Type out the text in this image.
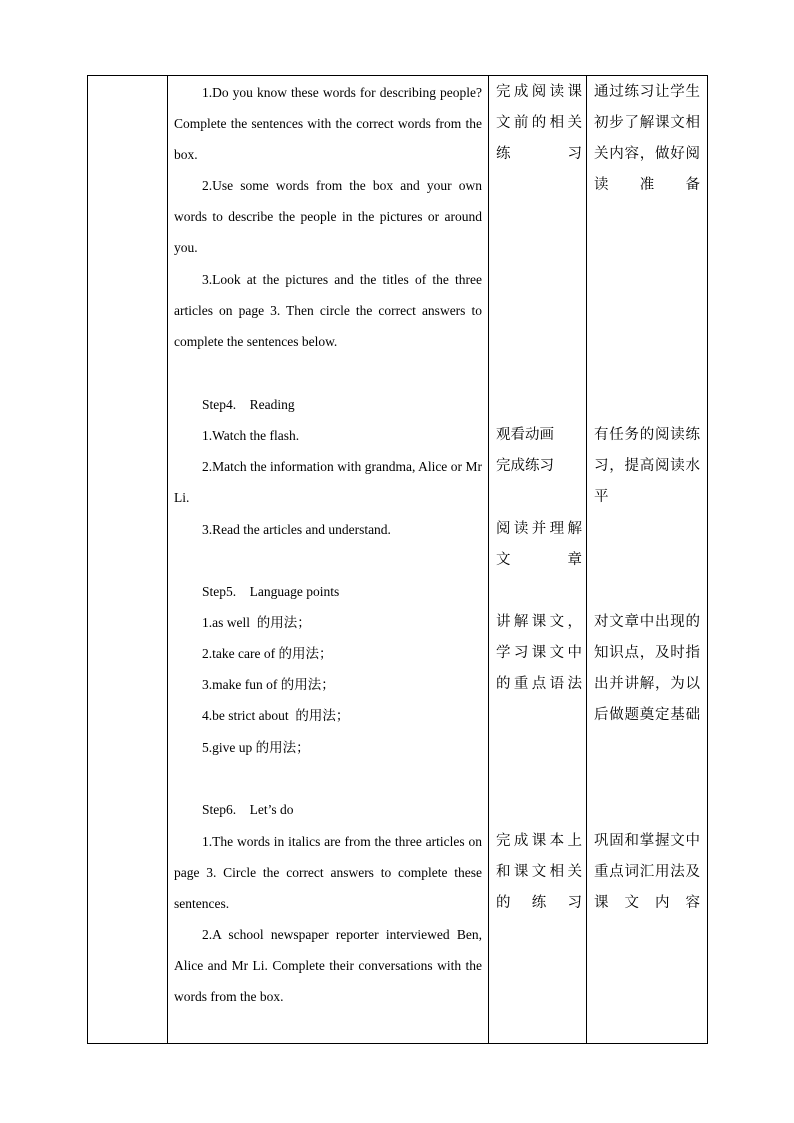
1.Do you know these words for describing people? Complete the sentences with the correct words from the box.
2.Use some words from the box and your own words to describe the people in the pictures or around you.
3.Look at the pictures and the titles of the three articles on page 3. Then circle the correct answers to complete the sentences below.
Step4.    Reading
1.Watch the flash.
2.Match the information with grandma, Alice or Mr Li.
3.Read the articles and understand.
Step5.    Language points
1.as well  的用法；
2.take care of 的用法；
3.make fun of 的用法；
4.be strict about  的用法；
5.give up 的用法；
Step6.    Let’s do
1.The words in italics are from the three articles on page 3. Circle the correct answers to complete these sentences.
2.A school newspaper reporter interviewed Ben, Alice and Mr Li. Complete their conversations with the words from the box.

完成阅读课文前的相关练习
观看动画
完成练习
阅读并理解文章
讲解课文，学习课文中的重点语法
完成课本上和课文相关的练习

通过练习让学生初步了解课文相关内容，做好阅读准备
有任务的阅读练习，提高阅读水平
对文章中出现的知识点，及时指出并讲解，为以后做题奠定基础
巩固和掌握文中重点词汇用法及课文内容
